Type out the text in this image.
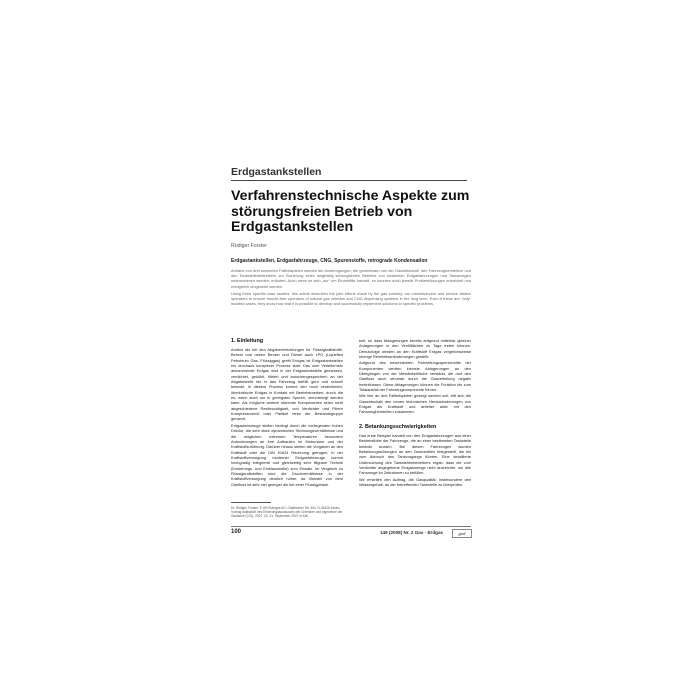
Erdgastankstellen
Verfahrenstechnische Aspekte zum störungsfreien Betrieb von Erdgastankstellen
Rüdiger Forster
Erdgastankstellen, Erdgasfahrzeuge, CNG, Spurenstoffe, retrograde Kondensation

Anhand von drei konkreten Fallbeispielen werden die Anstrengungen, die gemeinsam von der Gaswirtschaft, den Fahrzeugherstellern und den Tankstellenbetreibern zur Sicherung eines langfristig störungsfreien Betriebs von bivalenten Erdgasfahrzeugen und Tankanlagen unternommen werden, erläutert. Auch wenn es sich „nur“ um Einzelfälle handelt, so konnten doch jeweils Problemlösungen entwickelt und erfolgreich umgesetzt werden.

Using three specific case studies, this article describes the joint efforts made by the gas industry, car manufacturers and service station operators to ensure trouble-free operation of natural gas vehicles and CNG dispensing systems in the long term. Even if these are "only" isolated cases, they show how that it is possible to develop and successfully implement solutions to specific problems.

1. Einleitung

Anders als bei den Abgabeeinrichtungen für Flüssigkraftstoffe, Benzin und neben Benzin und Diesel auch LPG (Liquefied Petroleum Gas, Flüssiggas) greift Erdgas ist Erdgastankstellen ein durchaus komplexer Prozess statt: Das vom Verteilernetz ankommende Erdgas wird in der Erdgastankstelle gemessen, verdichtet, gekühlt, filtriert und zwischengespeichert; an der Abgabestelle bis in das Fahrzeug befüllt gern und schnell betankt. In diesem Prozess kommt den hoch verdichteten, überkritische Erdgas in Kontakt mit Betriebsmedien, durch die es, wenn auch nur in geringsten Spuren, verunreinigt werden kann. Als mögliche weitere störende Komponenten seien nicht abgeschiedene Restfeuchtigkeit, von Verdichter und Filtern Kompressorenöl oder Partikel beim der Bestandsgruppe genannt.

Erdgasfahrzeuge stellen bedingt durch die vorliegenden hohen Drücke, die sehr stark dynamischen Strömungsverhältnisse und die möglichen extremen Temperaturen besondere Anforderungen an ihre Aufbauten im Motorraum und der Kraftstoffzuführung. Darüber hinaus stellen die Vorgaben an den Kraftstoff oder die DIN 51624 Rechnung getragen. In der Kraftstoffversorgung moderner Erdgasfahrzeuge kommt hochgradig integrierte und gleichzeitig sehr filigrane Technik (Dosierungs- und Einblasventile) zum Einsatz. Im Vergleich zu Flüssigkraftstoffen sind die Druckverhältnisse in der Kraftstoffversorgung deutlich höher, da Vielzahl von dem Gasfluss ist sehr viel geringer als bei einer Flüssigphase.

keit, so dass Ablagerungen bereits aufgrund mittelbar gleicher Anlagerungen in den Ventilflächen zu Tage treten können. Demzufolge werden an den Kraftstoff Erdgas vergleichsweise strenge Reinheitsanforderungen gestellt:

Aufgrund des beschränkten Rohrleitungsquerschnitts der Komponenten werden kleinste Ablagerungen an den Übergängen von der Metalloberfläche verstärkt, die dort den Gasfluss auch stromab durch die Gasverteilung negativ beeinflussen. Diese Ablagerungen können die Funktion bis zum Totalausfall der Fahrzeugkomponente führen.

Wie hier an drei Fallbeispielen gezeigt werden soll, tritt sich die Gaswirtschaft den neuen technischen Herausforderungen von Erdgas als Kraftstoff und arbeitet aktiv mit den Fahrzeugherstellern zusammen.

2. Betankungsschwierigkeiten

Das erste Beispiel handelt von den Erdgasfahrzeugen aus einer Betriebsflotte der Fahrzeuge, die an einer bestimmten Tankstelle betankt wurden. Bei diesen Fahrzeugen wurden Betankungsstörungen an den Tankventilen festgestellt, die bis zum Abbruch des Tankvorgangs führten. Eine detaillierte Untersuchung des Tankstellenbetreibers ergab, dass die vom Verdichter abgegebene Erdgasmenge nicht ausreichte, um alle Fahrzeuge im Zeitrahmen zu befüllen.

Wir erhielten den Auftrag, die Gasqualität, insbesondere den Wassergehalt, an der betreffenden Tankstelle zu überprüfen.

Dr. Rüdiger Forster, E.ON Ruhrgas AG, Gladbecker Str. 404, D-45326 Essen. Vortrag anlässlich des Erfahrungsaustauschs der Chemiker und Ingenieure der Gasfache (CIG), 2007, 20.-21. September 2007 in Kiel.
100	149 (2008) Nr. 2 Gas · Erdgas	gwf
